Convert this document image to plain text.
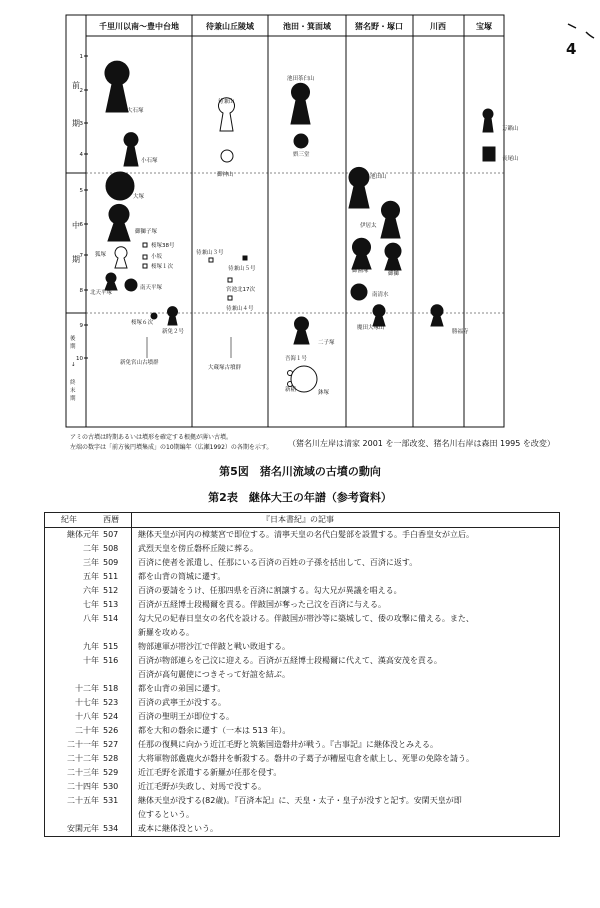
4
千里川以南～豊中台地	待兼山丘陵域	池田・箕面域	猪名野・塚口	川西	宝塚
前
期
中
期
後
期
↓
終
末
期
1
2
3
4
5
6
7
8
9
10
大石塚
小石塚
大塚
御獅子塚
狐塚
桜塚38号
小坂
桜塚１次
北天平塚
南天平塚
桜塚６次
新免２号
新免宮山古墳群
待兼山
御神山
待兼山３号
待兼山５号
宮池北17次
待兼山４号
大蔵塚古墳群
池田茶臼山
娯三堂
二子塚
吾海１号
新稲	鉢塚
池田山
伊居太
御園塚	御獅
南清水
魔田大塚山
勝福寺
万籟山
長尾山
アミの古墳は時期あるいは墳形を確定する根拠が薄い古墳。
左端の数字は「前方後円墳集成」の10期編年（広瀬1992）の各期を示す。 （猪名川左岸は清家 2001 を一部改変、猪名川右岸は森田 1995 を改変）
第5図　猪名川流域の古墳の動向
第2表　継体大王の年譜（参考資料）
紀年	西暦	『日本書紀』の記事
継体元年 507	継体天皇が河内の樟葉宮で即位する。清寧天皇の名代白髪部を設置する。手白香皇女が立后。
二年 508	武烈天皇を傍丘磐杯丘陵に葬る。
三年 509	百済に使者を派遣し、任那にいる百済の百姓の子孫を括出して、百済に返す。
五年 511	都を山背の筒城に遷す。
六年 512	百済の要請をうけ、任那四県を百済に割譲する。勾大兄が異議を唱える。
七年 513	百済が五経博士段楊爾を貢る。伴跛国が奪った己汶を百済に与える。
八年 514	勾大兄の妃春日皇女の名代を設ける。伴跛国が帯沙等に築城して、倭の攻撃に備える。また、
新羅を攻める。
九年 515	物部連軍が帯沙江で伴跛と戦い敗退する。
十年 516	百済が物部連らを己汶に迎える。百済が五経博士段楊爾に代えて、漢高安茂を貢る。
百済が高句麗使につきそって好誼を結ぶ。
十二年 518	都を山背の弟国に遷す。
十七年 523	百済の武寧王が没する。
十八年 524	百済の聖明王が即位する。
二十年 526	都を大和の磐余に遷す（一本は 513 年）。
二十一年 527	任那の復興に向かう近江毛野と筑紫国造磐井が戦う。『古事記』に継体没とみえる。
二十二年 528	大将軍物部麁鹿火が磐井を斬殺する。磐井の子葛子が糟屋屯倉を献上し、死罪の免除を請う。
二十三年 529	近江毛野を派遣する新羅が任那を侵す。
二十四年 530	近江毛野が失政し、対馬で没する。
二十五年 531	継体天皇が没する(82歳)。『百済本記』に、天皇・太子・皇子が没すと記す。安閑天皇が即
位するという。
安閑元年 534	或本に継体没という。
